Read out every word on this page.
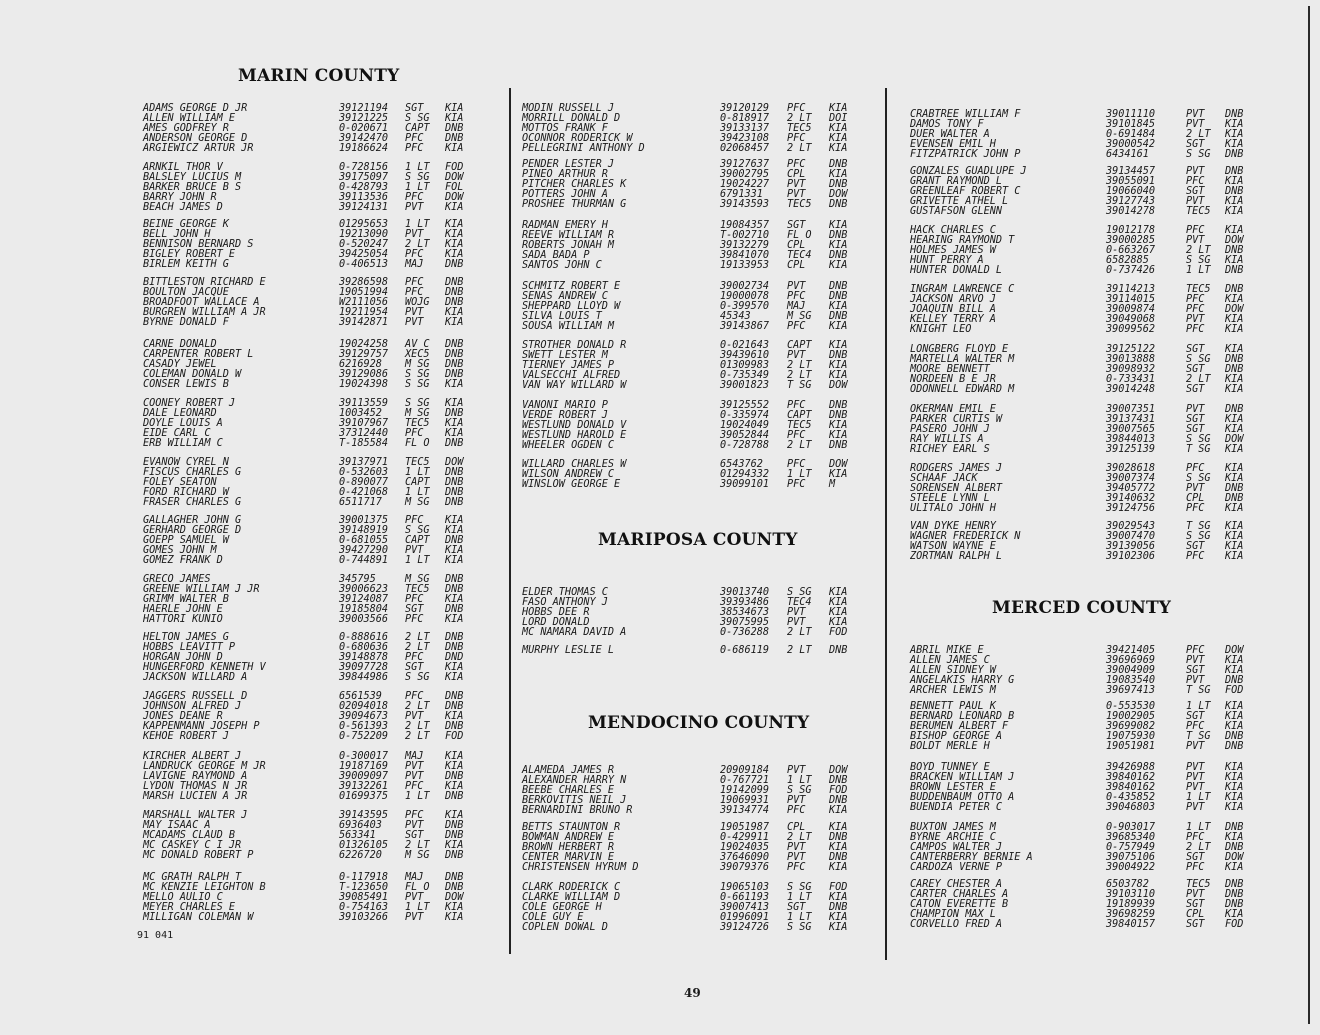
MARIN COUNTY
ADAMS GEORGE D JR	39121194 SGT KIA
ALLEN WILLIAM E	39121225 S SG KIA
AMES GODFREY R	0-020671 CAPT DNB
ANDERSON GEORGE D	39142470 PFC DNB
ARGIEWICZ ARTUR JR	19186624 PFC KIA
ARNKIL THOR V	0-728156 1 LT FOD
BALSLEY LUCIUS M	39175097 S SG DOW
BARKER BRUCE B S	0-428793 1 LT FOL
BARRY JOHN R	39113536 PFC DOW
BEACH JAMES D	39124131 PVT KIA
BEINE GEORGE K	01295653 1 LT KIA
BELL JOHN H	19213090 PVT KIA
BENNISON BERNARD S	0-520247 2 LT KIA
BIGLEY ROBERT E	39425054 PFC KIA
BIRLEM KEITH G	0-406513 MAJ DNB
BITTLESTON RICHARD E	39286598 PFC DNB
BOULTON JACQUE	19051994 PFC DNB
BROADFOOT WALLACE A	W2111056 WOJG DNB
BURGREN WILLIAM A JR	19211954 PVT KIA
BYRNE DONALD F	39142871 PVT KIA
CARNE DONALD	19024258 AV C DNB
CARPENTER ROBERT L	39129757 XEC5 DNB
CASADY JEWEL	6216928 M SG DNB
COLEMAN DONALD W	39129086 S SG DNB
CONSER LEWIS B	19024398 S SG KIA
COONEY ROBERT J	39113559 S SG KIA
DALE LEONARD	1003452 M SG DNB
DOYLE LOUIS A	39107967 TEC5 KIA
EIDE CARL C	37312440 PFC KIA
ERB WILLIAM C	T-185584 FL O DNB
EVANOW CYREL N	39137971 TEC5 DOW
FISCUS CHARLES G	0-532603 1 LT DNB
FOLEY SEATON	0-890077 CAPT DNB
FORD RICHARD W	0-421068 1 LT DNB
FRASER CHARLES G	6511717 M SG DNB
GALLAGHER JOHN G	39001375 PFC KIA
GERHARD GEORGE D	39148919 S SG KIA
GOEPP SAMUEL W	0-681055 CAPT DNB
GOMES JOHN M	39427290 PVT KIA
GOMEZ FRANK D	0-744891 1 LT KIA
GRECO JAMES	345795	M SG DNB
GREENE WILLIAM J JR	39006623 TEC5 DNB
GRIMM WALTER B	39124087 PFC KIA
HAERLE JOHN E	19185804 SGT DNB
HATTORI KUNIO	39003566 PFC KIA
HELTON JAMES G	0-888616 2 LT DNB
HOBBS LEAVITT P	0-680636 2 LT DNB
HORGAN JOHN D	39148878 PFC DND
HUNGERFORD KENNETH V	39097728 SGT KIA
JACKSON WILLARD A	39844986 S SG KIA
JAGGERS RUSSELL D	6561539 PFC DNB
JOHNSON ALFRED J	02094018 2 LT DNB
JONES DEANE R	39094673 PVT KIA
KAPPENMANN JOSEPH P	0-561393 2 LT DNB
KEHOE ROBERT J	0-752209 2 LT FOD
KIRCHER ALBERT J	0-300017 MAJ KIA
LANDRUCK GEORGE M JR	19187169 PVT KIA
LAVIGNE RAYMOND A	39009097 PVT DNB
LYDON THOMAS N JR	39132261 PFC KIA
MARSH LUCIEN A JR	01699375 1 LT DNB
MARSHALL WALTER J	39143595 PFC KIA
MAY ISAAC A	6936403 PVT DNB
MCADAMS CLAUD B	563341	SGT DNB
MC CASKEY C I JR	01326105 2 LT KIA
MC DONALD ROBERT P	6226720 M SG DNB
MC GRATH RALPH T	0-117918 MAJ DNB
MC KENZIE LEIGHTON B	T-123650 FL O DNB
MELLO AULIO C	39085491 PVT DOW
MEYER CHARLES E	0-754163 1 LT KIA
MILLIGAN COLEMAN W	39103266 PVT KIA
MODIN RUSSELL J	39120129 PFC KIA
MORRILL DONALD D	0-818917 2 LT DOI
MOTTOS FRANK F	39133137 TEC5 KIA
OCONNOR RODERICK W	39423108 PFC KIA
PELLEGRINI ANTHONY D	02068457 2 LT KIA
PENDER LESTER J	39127637 PFC DNB
PINEO ARTHUR R	39002795 CPL KIA
PITCHER CHARLES K	19024227 PVT DNB
POTTERS JOHN A	6791331 PVT DOW
PROSHEE THURMAN G	39143593 TEC5 DNB
RADMAN EMERY H	19084357 SGT KIA
REEVE WILLIAM R	T-002710 FL O DNB
ROBERTS JONAH M	39132279 CPL KIA
SADA BADA P	39841070 TEC4 DNB
SANTOS JOHN C	19133953 CPL KIA
SCHMITZ ROBERT E	39002734 PVT DNB
SENAS ANDREW C	19000078 PFC DNB
SHEPPARD LLOYD W	0-399570 MAJ KIA
SILVA LOUIS T	45343	M SG DNB
SOUSA WILLIAM M	39143867 PFC KIA
STROTHER DONALD R	0-021643 CAPT KIA
SWETT LESTER M	39439610 PVT DNB
TIERNEY JAMES P	01309983 2 LT KIA
VALSECCHI ALFRED	0-735349 2 LT KIA
VAN WAY WILLARD W	39001823 T SG DOW
VANONI MARIO P	39125552 PFC DNB
VERDE ROBERT J	0-335974 CAPT DNB
WESTLUND DONALD V	19024049 TEC5 KIA
WESTLUND HAROLD E	39052844 PFC KIA
WHEELER OGDEN C	0-728788 2 LT DNB
WILLARD CHARLES W	6543762 PFC DOW
WILSON ANDREW C	01294332 1 LT KIA
WINSLOW GEORGE E	39099101 PFC M
MARIPOSA COUNTY
ELDER THOMAS C	39013740 S SG KIA
FASO ANTHONY J	39393486 TEC4 KIA
HOBBS DEE R	38534673 PVT KIA
LORD DONALD	39075995 PVT KIA
MC NAMARA DAVID A	0-736288 2 LT FOD
MURPHY LESLIE L	0-686119 2 LT DNB
MENDOCINO COUNTY
ALAMEDA JAMES R	20909184 PVT DOW
ALEXANDER HARRY N	0-767721 1 LT DNB
BEEBE CHARLES E	19142099 S SG FOD
BERKOVITIS NEIL J	19069931 PVT DNB
BERNARDINI BRUNO R	39134774 PFC KIA
BETTS STAUNTON R	19051987 CPL KIA
BOWMAN ANDREW E	0-429911 2 LT DNB
BROWN HERBERT R	19024035 PVT KIA
CENTER MARVIN E	37646090 PVT DNB
CHRISTENSEN HYRUM D	39079376 PFC KIA
CLARK RODERICK C	19065103 S SG FOD
CLARKE WILLIAM D	0-661193 1 LT KIA
COLE GEORGE H	39007413 SGT DNB
COLE GUY E	01996091 1 LT KIA
COPLEN DOWAL D	39124726 S SG KIA
CRABTREE WILLIAM F	39011110	PVT DNB
DAMOS TONY F	39101845	PVT KIA
DUER WALTER A	0-691484	2 LT KIA
EVENSEN EMIL H	39000542	SGT KIA
FITZPATRICK JOHN P	6434161	S SG DNB
GONZALES GUADLUPE J	39134457	PVT DNB
GRANT RAYMOND L	39055091	PFC KIA
GREENLEAF ROBERT C	19066040	SGT DNB
GRIVETTE ATHEL L	39127743	PVT KIA
GUSTAFSON GLENN	39014278	TEC5 KIA
HACK CHARLES C	19012178	PFC KIA
HEARING RAYMOND T	39000285	PVT DOW
HOLMES JAMES W	0-663267	2 LT DNB
HUNT PERRY A	6582885	S SG KIA
HUNTER DONALD L	0-737426	1 LT DNB
INGRAM LAWRENCE C	39114213	TEC5 DNB
JACKSON ARVO J	39114015	PFC KIA
JOAQUIN BILL A	39009874	PFC DOW
KELLEY TERRY A	39049068	PVT KIA
KNIGHT LEO	39099562	PFC KIA
LONGBERG FLOYD E	39125122	SGT KIA
MARTELLA WALTER M	39013888	S SG DNB
MOORE BENNETT	39098932	SGT DNB
NORDEEN B E JR	0-733431	2 LT KIA
ODONNELL EDWARD M	39014248	SGT KIA
OKERMAN EMIL E	39007351	PVT DNB
PARKER CURTIS W	39137431	SGT KIA
PASERO JOHN J	39007565	SGT KIA
RAY WILLIS A	39844013	S SG DOW
RICHEY EARL S	39125139	T SG KIA
RODGERS JAMES J	39028618	PFC KIA
SCHAAF JACK	39007374	S SG KIA
SORENSEN ALBERT	39405772	PVT DNB
STEELE LYNN L	39140632	CPL DNB
ULITALO JOHN H	39124756	PFC KIA
VAN DYKE HENRY	39029543	T SG KIA
WAGNER FREDERICK N	39007470	S SG KIA
WATSON WAYNE E	39139056	SGT KIA
ZORTMAN RALPH L	39102306	PFC KIA
MERCED COUNTY
ABRIL MIKE E	39421405	PFC DOW
ALLEN JAMES C	39696969	PVT KIA
ALLEN SIDNEY W	39004909	SGT KIA
ANGELAKIS HARRY G	19083540	PVT DNB
ARCHER LEWIS M	39697413	T SG FOD
BENNETT PAUL K	0-553530	1 LT KIA
BERNARD LEONARD B	19002905	SGT KIA
BERUMEN ALBERT F	39699082	PFC KIA
BISHOP GEORGE A	19075930	T SG DNB
BOLDT MERLE H	19051981	PVT DNB
BOYD TUNNEY E	39426988	PVT KIA
BRACKEN WILLIAM J	39840162	PVT KIA
BROWN LESTER E	39840162	PVT KIA
BUDDENBAUM OTTO A	0-435852	1 LT KIA
BUENDIA PETER C	39046803	PVT KIA
BUXTON JAMES M	0-903017	1 LT DNB
BYRNE ARCHIE C	39685340	PFC KIA
CAMPOS WALTER J	0-757949	2 LT DNB
CANTERBERRY BERNIE A	39075106	SGT DOW
CARDOZA VERNE P	39004922	PFC KIA
CAREY CHESTER A	6503782	TEC5 DNB
CARTER CHARLES A	39103110	PVT DNB
CATON EVERETTE B	19189939	SGT DNB
CHAMPION MAX L	39698259	CPL KIA
CORVELLO FRED A	39840157	SGT FOD
91 041
49
